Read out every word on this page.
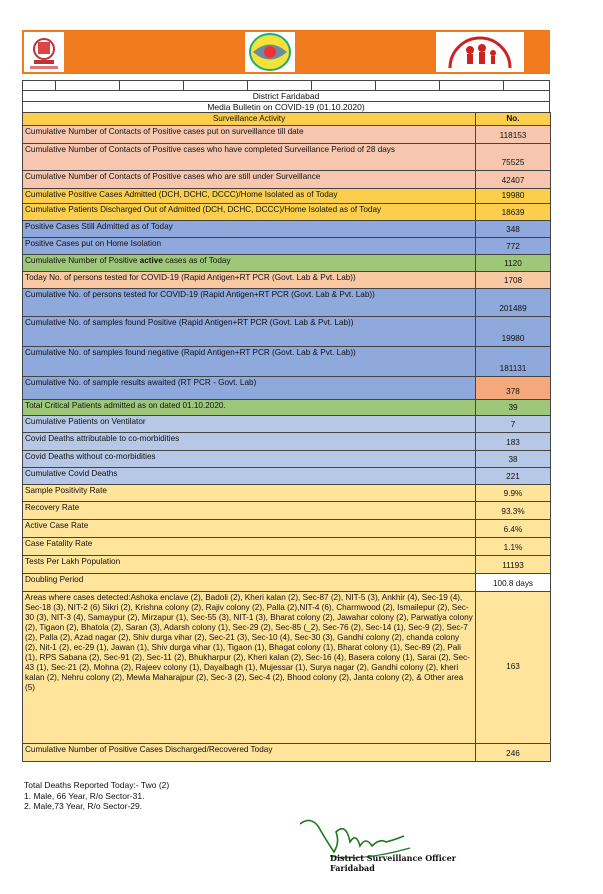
District Faridabad
Media Bulletin on COVID-19 (01.10.2020)
Surveillance Activity	No.
Cumulative Number of Contacts of Positive cases put on surveillance till date	118153
Cumulative Number of Contacts of Positive cases who have completed Surveillance Period of 28 days	75525
Cumulative Number of Contacts of Positive cases who are still under Surveillance	42407
Cumulative Positive Cases Admitted (DCH, DCHC, DCCC)/Home Isolated as of Today	19980
Cumulative Patients Discharged Out of Admitted (DCH, DCHC, DCCC)/Home Isolated as of Today	18639
Positive Cases Still Admitted as of Today	348
Positive Cases put on Home Isolation	772
Cumulative Number of Positive active cases as of Today	1120
Today No. of persons tested for COVID-19 (Rapid Antigen+RT PCR (Govt. Lab & Pvt. Lab))	1708
Cumulative No. of persons tested for COVID-19 (Rapid Antigen+RT PCR (Govt. Lab & Pvt. Lab))	201489
Cumulative No. of samples found Positive (Rapid Antigen+RT PCR (Govt. Lab & Pvt. Lab))	19980
Cumulative No. of samples found negative (Rapid Antigen+RT PCR (Govt. Lab & Pvt. Lab))	181131
Cumulative No. of sample results awaited (RT PCR - Govt. Lab)	378
Total Critical Patients admitted as on dated 01.10.2020.	39
Cumulative Patients on Ventilator	7
Covid Deaths attributable to co-morbidities	183
Covid Deaths without co-morbidities	38
Cumulative Covid Deaths	221
Sample Positivity Rate	9.9%
Recovery Rate	93.3%
Active Case Rate	6.4%
Case Fatality Rate	1.1%
Tests Per Lakh Population	11193
Doubling Period	100.8 days
Areas where cases detected:Ashoka enclave (2), Badoli (2), Kheri kalan (2), Sec-87 (2), NIT-5 (3), Ankhir (4), Sec-19 (4), Sec-18 (3), NIT-2 (6) Sikri (2), Krishna colony (2), Rajiv colony (2), Palla (2),NIT-4 (6), Charmwood (2), Ismailepur (2), Sec-30 (3), NIT-3 (4), Samaypur (2), Mirzapur (1), Sec-55 (3), NIT-1 (3), Bharat colony (2), Jawahar colony (2), Parwatiya colony (2), Tigaon (2), Bhatola (2), Saran (3), Adarsh colony (1), Sec-29 (2), Sec-85 (_2), Sec-76 (2), Sec-14 (1), Sec-9 (2), Sec-7 (2), Palla (2), Azad nagar (2), Shiv durga vihar (2), Sec-21 (3), Sec-10 (4), Sec-30 (3), Gandhi colony (2), chanda colony (2), Nit-1 (2), ec-29 (1), Jawan (1), Shiv durga vihar (1), Tigaon (1), Bhagat colony (1), Bharat colony (1), Sec-89 (2), Pali (1), RPS Sabana (2), Sec-91 (2), Sec-11 (2), Bhukharpur (2), Kheri kalan (2), Sec-16 (4), Basera colony (1), Sarai (2), Sec-43 (1), Sec-21 (2), Mohna (2), Rajeev colony (1), Dayalbagh (1), Mujessar (1), Surya nagar (2), Gandhi colony (2), kheri kalan (2), Nehru colony (2), Mewla Maharajpur (2), Sec-3 (2), Sec-4 (2), Bhood colony (2), Janta colony (2), & Other area (5)	163
Cumulative Number of Positive Cases Discharged/Recovered Today	246
Total Deaths Reported Today:- Two (2)
1. Male, 66 Year, R/o Sector-31.
2. Male,73 Year, R/o Sector-29.
District Surveillance Officer
Faridabad
